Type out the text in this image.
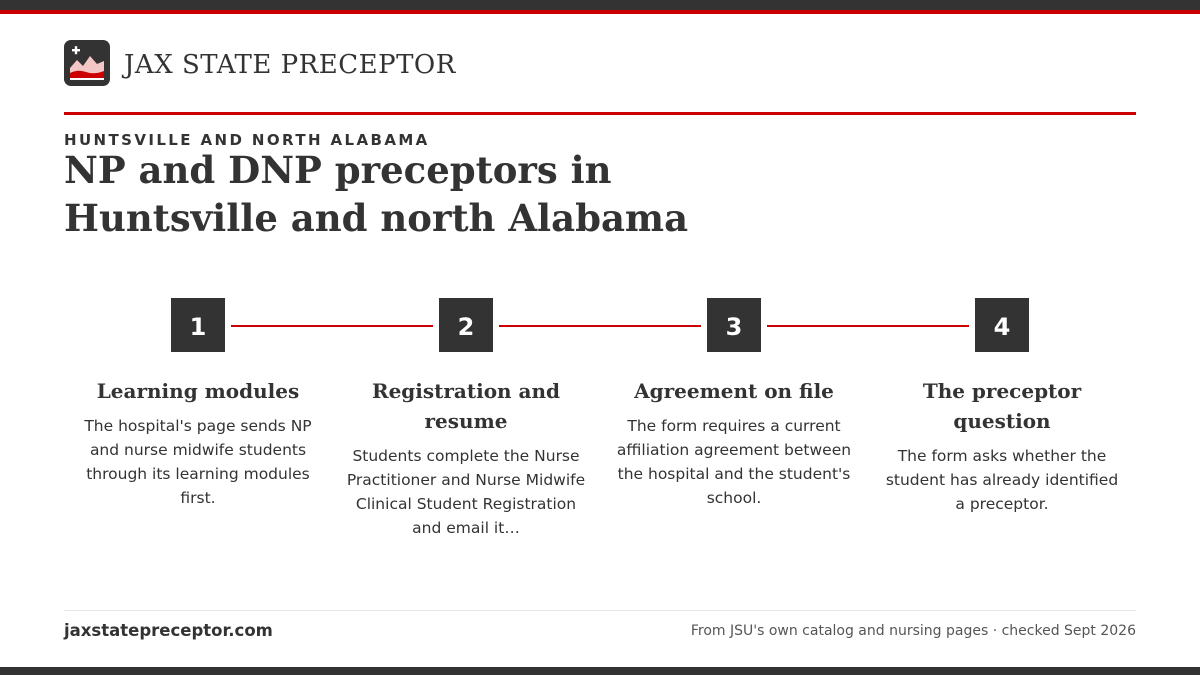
JAX STATE PRECEPTOR
HUNTSVILLE AND NORTH ALABAMA
NP and DNP preceptors in Huntsville and north Alabama
1
Learning modules
The hospital's page sends NP and nurse midwife students through its learning modules first.
2
Registration and resume
Students complete the Nurse Practitioner and Nurse Midwife Clinical Student Registration and email it…
3
Agreement on file
The form requires a current affiliation agreement between the hospital and the student's school.
4
The preceptor question
The form asks whether the student has already identified a preceptor.
jaxstatepreceptor.com	From JSU's own catalog and nursing pages · checked Sept 2026
